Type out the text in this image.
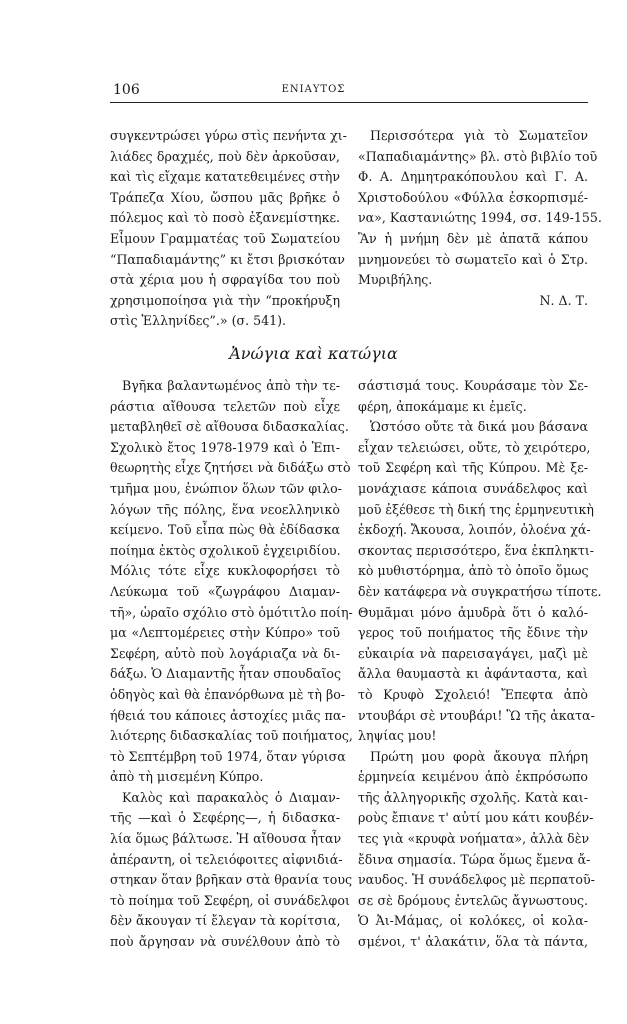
106	ΕΝΙΑΥΤΟΣ
συγκεντρώσει γύρω στὶς πενήντα χι-
λιάδες δραχμές, ποὺ δὲν ἀρκοῦσαν,
καὶ τὶς εἴχαμε κατατεθειμένες στὴν
Τράπεζα Χίου, ὥσπου μᾶς βρῆκε ὁ
πόλεμος καὶ τὸ ποσὸ ἐξανεμίστηκε.
Εἶμουν Γραμματέας τοῦ Σωματείου
“Παπαδιαμάντης” κι ἔτσι βρισκόταν
στὰ χέρια μου ἡ σφραγίδα του ποὺ
χρησιμοποίησα γιὰ τὴν “προκήρυξη
στὶς Ἑλληνίδες”.» (σ. 541).
Περισσότερα γιὰ τὸ Σωματεῖον
«Παπαδιαμάντης» βλ. στὸ βιβλίο τοῦ
Φ. Α. Δημητρακόπουλου καὶ Γ. Α.
Χριστοδούλου «Φύλλα ἐσκορπισμέ-
να», Καστανιώτης 1994, σσ. 149-155.
Ἂν ἡ μνήμη δὲν μὲ ἀπατᾶ κάπου
μνημονεύει τὸ σωματεῖο καὶ ὁ Στρ.
Μυριβήλης.
Ν. Δ. Τ.
Ἀνώγια καὶ κατώγια
Βγῆκα βαλαντωμένος ἀπὸ τὴν τε-
ράστια αἴθουσα τελετῶν ποὺ εἶχε
μεταβληθεῖ σὲ αἴθουσα διδασκαλίας.
Σχολικὸ ἔτος 1978-1979 καὶ ὁ Ἐπι-
θεωρητὴς εἶχε ζητήσει νὰ διδάξω στὸ
τμῆμα μου, ἐνώπιον ὅλων τῶν φιλο-
λόγων τῆς πόλης, ἕνα νεοελληνικὸ
κείμενο. Τοῦ εἶπα πὼς θὰ ἐδίδασκα
ποίημα ἐκτὸς σχολικοῦ ἐγχειριδίου.
Μόλις τότε εἶχε κυκλοφορήσει τὸ
Λεύκωμα τοῦ «ζωγράφου Διαμαν-
τῆ», ὡραῖο σχόλιο στὸ ὁμότιτλο ποίη-
μα «Λεπτομέρειες στὴν Κύπρο» τοῦ
Σεφέρη, αὐτὸ ποὺ λογάριαζα νὰ δι-
δάξω. Ὁ Διαμαντῆς ἦταν σπουδαῖος
ὁδηγὸς καὶ θὰ ἐπανόρθωνα μὲ τὴ βο-
ήθειά του κάποιες ἀστοχίες μιᾶς πα-
λιότερης διδασκαλίας τοῦ ποιήματος,
τὸ Σεπτέμβρη τοῦ 1974, ὅταν γύρισα
ἀπὸ τὴ μισεμένη Κύπρο.
Καλὸς καὶ παρακαλὸς ὁ Διαμαν-
τῆς —καὶ ὁ Σεφέρης—, ἡ διδασκα-
λία ὅμως βάλτωσε. Ἡ αἴθουσα ἦταν
ἀπέραντη, οἱ τελειόφοιτες αἰφνιδιά-
στηκαν ὅταν βρῆκαν στὰ θρανία τους
τὸ ποίημα τοῦ Σεφέρη, οἱ συνάδελφοι
δὲν ἄκουγαν τί ἔλεγαν τὰ κορίτσια,
ποὺ ἄργησαν νὰ συνέλθουν ἀπὸ τὸ
σάστισμά τους. Κουράσαμε τὸν Σε-
φέρη, ἀποκάμαμε κι ἐμεῖς.
Ὡστόσο οὔτε τὰ δικά μου βάσανα
εἶχαν τελειώσει, οὔτε, τὸ χειρότερο,
τοῦ Σεφέρη καὶ τῆς Κύπρου. Μὲ ξε-
μονάχιασε κάποια συνάδελφος καὶ
μοῦ ἐξέθεσε τὴ δική της ἑρμηνευτικὴ
ἐκδοχή. Ἄκουσα, λοιπόν, ὁλοένα χά-
σκοντας περισσότερο, ἕνα ἐκπληκτι-
κὸ μυθιστόρημα, ἀπὸ τὸ ὁποῖο ὅμως
δὲν κατάφερα νὰ συγκρατήσω τίποτε.
Θυμᾶμαι μόνο ἀμυδρὰ ὅτι ὁ καλό-
γερος τοῦ ποιήματος τῆς ἔδινε τὴν
εὐκαιρία νὰ παρεισαγάγει, μαζὶ μὲ
ἄλλα θαυμαστὰ κι ἀφάνταστα, καὶ
τὸ Κρυφὸ Σχολειό! Ἔπεφτα ἀπὸ
ντουβάρι σὲ ντουβάρι! Ὢ τῆς ἀκατα-
ληψίας μου!
Πρώτη μου φορὰ ἄκουγα πλήρη
ἑρμηνεία κειμένου ἀπὸ ἐκπρόσωπο
τῆς ἀλληγορικῆς σχολῆς. Κατὰ και-
ροὺς ἔπιανε τ' αὐτί μου κάτι κουβέν-
τες γιὰ «κρυφὰ νοήματα», ἀλλὰ δὲν
ἔδινα σημασία. Τώρα ὅμως ἔμενα ἄ-
ναυδος. Ἡ συνάδελφος μὲ περπατοῦ-
σε σὲ δρόμους ἐντελῶς ἄγνωστους.
Ὁ Ἀι-Μάμας, οἱ κολόκες, οἱ κολα-
σμένοι, τ' ἀλακάτιν, ὅλα τὰ πάντα,
